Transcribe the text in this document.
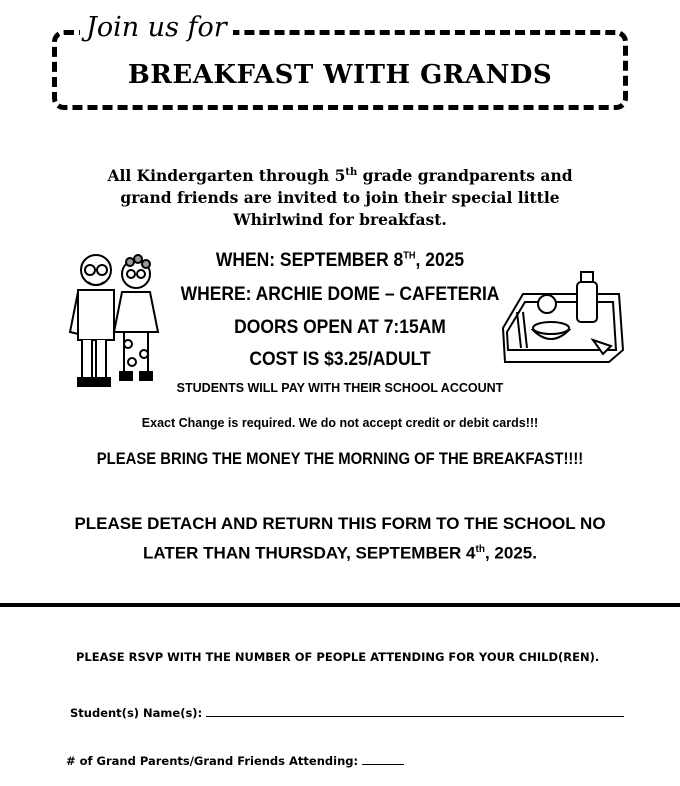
Join us for
BREAKFAST WITH GRANDS
All Kindergarten through 5th grade grandparents and
grand friends are invited to join their special little
Whirlwind for breakfast.
WHEN: SEPTEMBER 8TH, 2025
WHERE: ARCHIE DOME – CAFETERIA
DOORS OPEN AT 7:15AM
COST IS $3.25/ADULT
STUDENTS WILL PAY WITH THEIR SCHOOL ACCOUNT
Exact Change is required. We do not accept credit or debit cards!!!
PLEASE BRING THE MONEY THE MORNING OF THE BREAKFAST!!!!
PLEASE DETACH AND RETURN THIS FORM TO THE SCHOOL NO
LATER THAN THURSDAY, SEPTEMBER 4th, 2025.
PLEASE RSVP WITH THE NUMBER OF PEOPLE ATTENDING FOR YOUR CHILD(REN).
Student(s) Name(s):
# of Grand Parents/Grand Friends Attending:
